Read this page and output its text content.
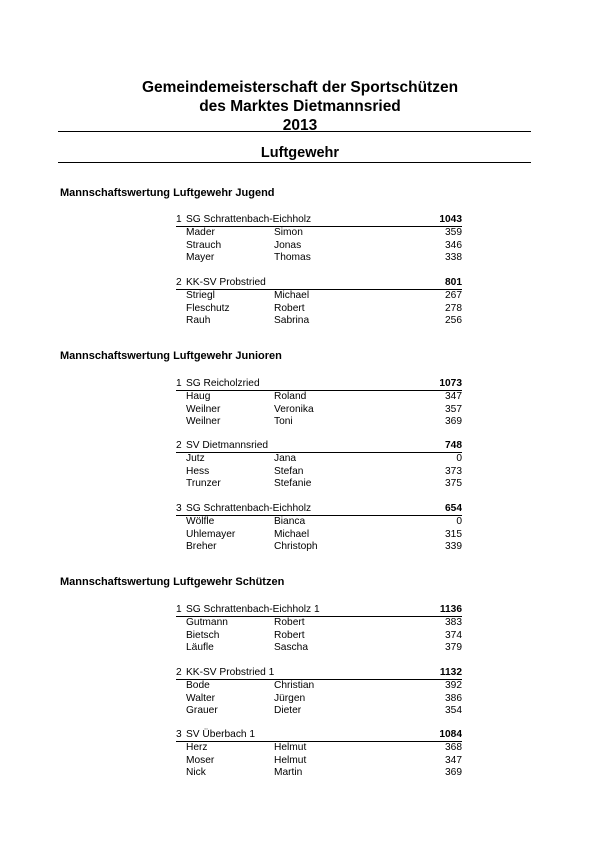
Gemeindemeisterschaft der Sportschützen
des Marktes Dietmannsried
2013
Luftgewehr
Mannschaftswertung Luftgewehr Jugend
1 SG Schrattenbach-Eichholz	1043
Mader	Simon	359
Strauch	Jonas	346
Mayer	Thomas	338
2 KK-SV Probstried	801
Striegl	Michael	267
Fleschutz	Robert	278
Rauh	Sabrina	256
Mannschaftswertung Luftgewehr Junioren
1 SG Reicholzried	1073
Haug	Roland	347
Weilner	Veronika	357
Weilner	Toni	369
2 SV Dietmannsried	748
Jutz	Jana	0
Hess	Stefan	373
Trunzer	Stefanie	375
3 SG Schrattenbach-Eichholz	654
Wölfle	Bianca	0
Uhlemayer	Michael	315
Breher	Christoph	339
Mannschaftswertung Luftgewehr Schützen
1 SG Schrattenbach-Eichholz 1	1136
Gutmann	Robert	383
Bietsch	Robert	374
Läufle	Sascha	379
2 KK-SV Probstried 1	1132
Bode	Christian	392
Walter	Jürgen	386
Grauer	Dieter	354
3 SV Überbach 1	1084
Herz	Helmut	368
Moser	Helmut	347
Nick	Martin	369
